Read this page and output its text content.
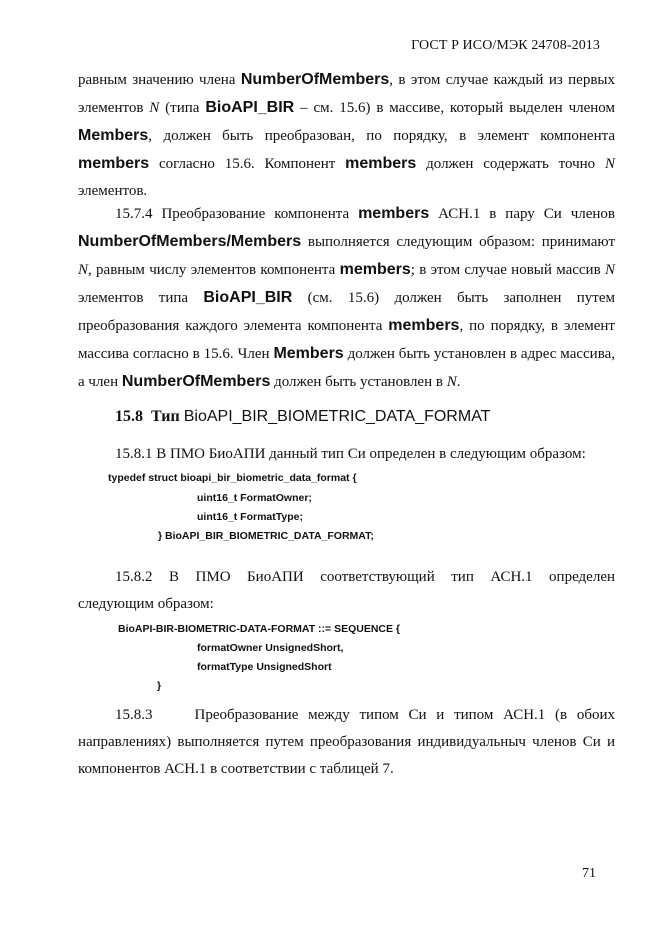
ГОСТ Р ИСО/МЭК 24708-2013

равным значению члена NumberOfMembers, в этом случае каждый из первых элементов N (типа BioAPI_BIR – см. 15.6) в массиве, который выделен членом Members, должен быть преобразован, по порядку, в элемент компонента members согласно 15.6. Компонент members должен содержать точно N элементов.

15.7.4 Преобразование компонента members АСН.1 в пару Си членов NumberOfMembers/Members выполняется следующим образом: принимают N, равным числу элементов компонента members; в этом случае новый массив N элементов типа BioAPI_BIR (см. 15.6) должен быть заполнен путем преобразования каждого элемента компонента members, по порядку, в элемент массива согласно в 15.6. Член Members должен быть установлен в адрес массива, а член NumberOfMembers должен быть установлен в N.

15.8 Тип BioAPI_BIR_BIOMETRIC_DATA_FORMAT

15.8.1 В ПМО БиоАПИ данный тип Си определен в следующим образом:

typedef struct bioapi_bir_biometric_data_format {
uint16_t FormatOwner;
uint16_t FormatType;
} BioAPI_BIR_BIOMETRIC_DATA_FORMAT;

15.8.2 В ПМО БиоАПИ соответствующий тип АСН.1 определен

следующим образом:

BioAPI-BIR-BIOMETRIC-DATA-FORMAT ::= SEQUENCE {
formatOwner UnsignedShort,
formatType UnsignedShort
}

15.8.3	Преобразование между типом Си и типом АСН.1 (в обоих направлениях) выполняется путем преобразования индивидуальныч членов Си и компонентов АСН.1 в соответствии с таблицей 7.

71
